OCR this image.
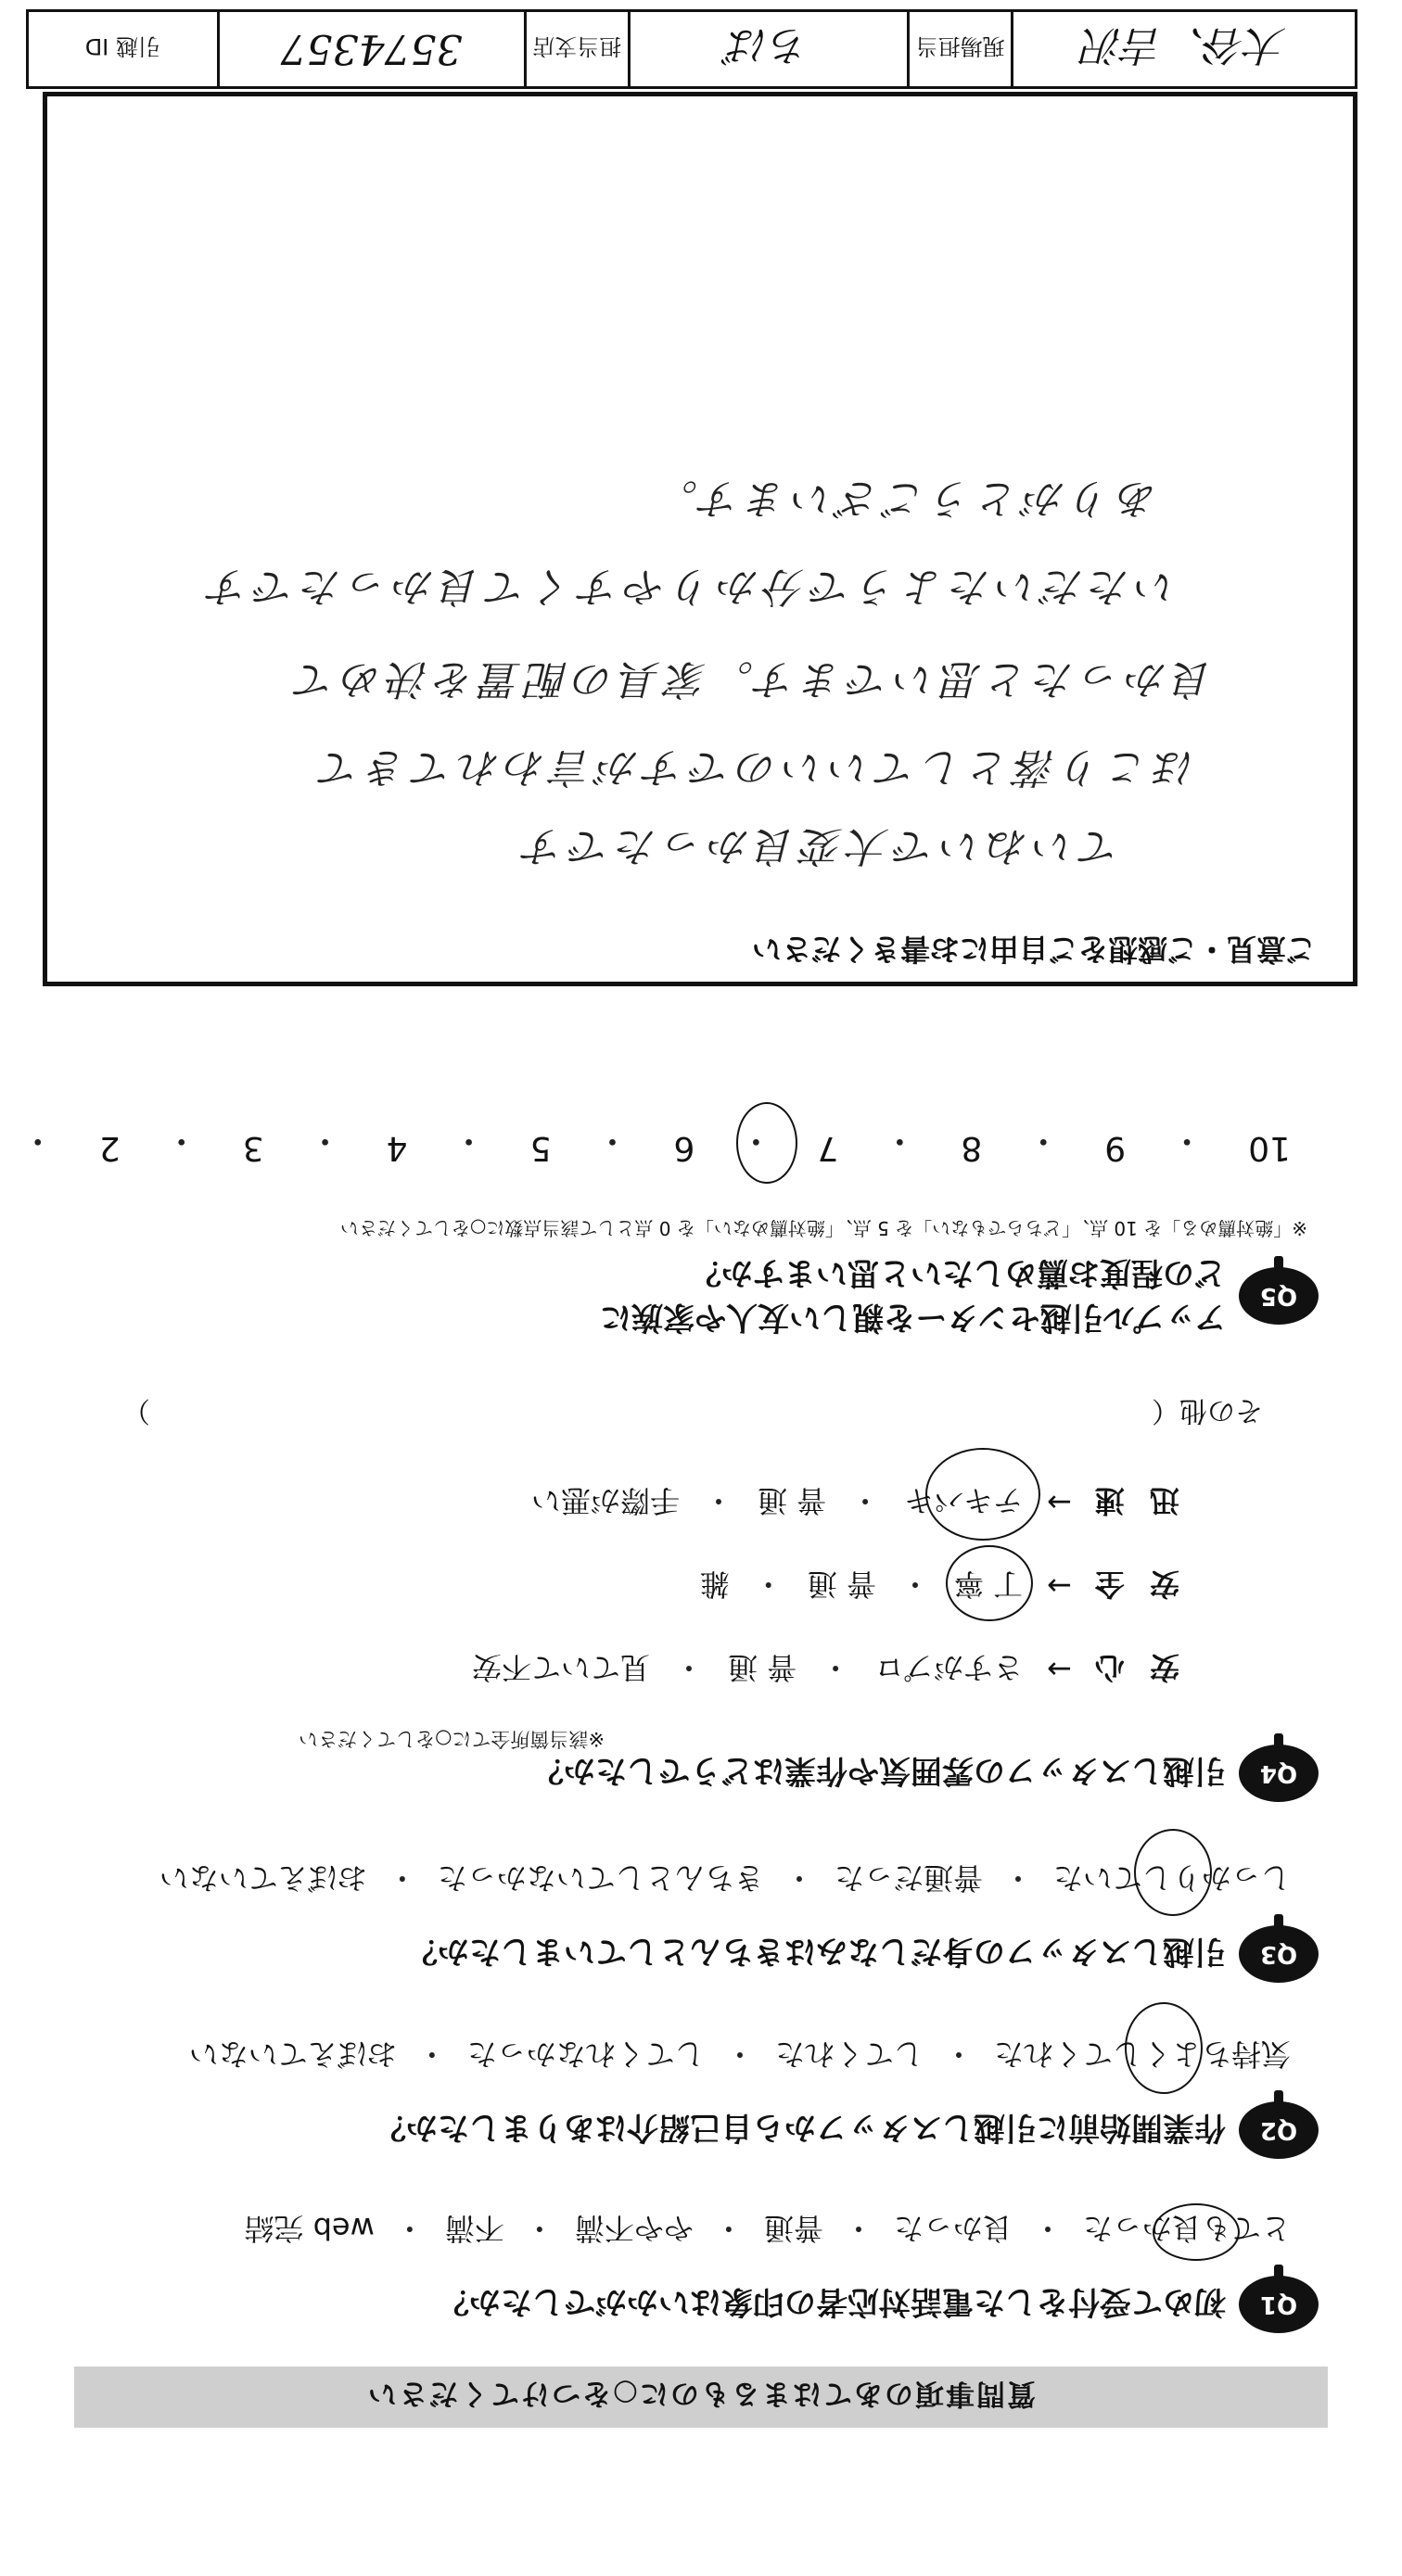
質問事項のあてはまるものに○をつけてください
Q1
初めて受付をした電話対応者の印象はいかがでしたか？
とても良かった
・
良かった
・
普通
・
やや不満
・
不満
・
web 完結
Q2
作業開始前に引越しスタッフから自己紹介はありましたか？
気持ちよくしてくれた
・
してくれた
・
してくれなかった
・
おぼえていない
Q3
引越しスタッフの身だしなみはきちんとしていましたか？
しっかりしていた
・
普通だった
・
きちんとしていなかった
・
おぼえていない
Q4
引越しスタッフの雰囲気や作業はどうでしたか？
※該当箇所全てに○をしてください
安 心
→
さすがプロ
・
普 通
・
見ていて不安
安 全
→
丁 寧
・
普 通
・
雑
迅 速
→
テキパキ
・
普 通
・
手際が悪い
その他（
）
Q5
アップル引越センターを親しい友人や家族に
どの程度お薦めしたいと思いますか？
※「絶対薦める」を 10 点、「どちらでもない」を 5 点、「絶対薦めない」を 0 点として該当点数に○をしてください
10
・
9
・
8
・
7
・
6
・
5
・
4
・
3
・
2
・
ご意見・ご感想をご自由にお書きください
ていねいで大変良かったです
ほこり落としていいのですが言われてきて
良かったと思いでます。家具の配置を決めて
いただいたようで分かりやすくて良かったです
ありがとうございます。
大谷、吉沢
現場担当
ちば
担当支店
3574357
引越 ID
